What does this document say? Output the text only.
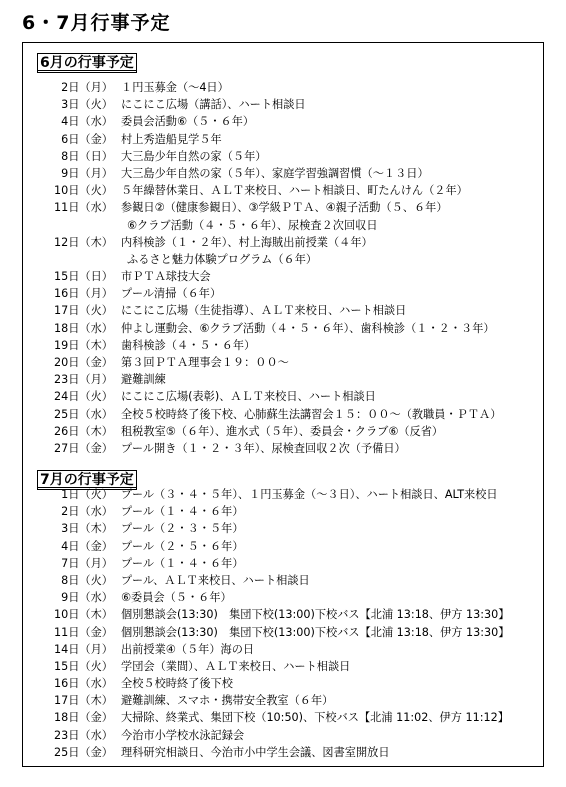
6・7月行事予定
6月の行事予定
2日（月） １円玉募金（～4日）
3日（火） にこにこ広場（講話）、ハート相談日
4日（水） 委員会活動⑥（５・６年）
6日（金） 村上秀造船見学５年
8日（日） 大三島少年自然の家（５年）
9日（月） 大三島少年自然の家（５年）、家庭学習強調習慣（～１３日）
10日（火） ５年繰替休業日、ＡＬＴ来校日、ハート相談日、町たんけん（２年）
11日（水） 参観日②（健康参観日）、③学級ＰＴＡ、④親子活動（５、６年）
⑥クラブ活動（４・５・６年）、尿検査２次回収日
12日（木） 内科検診（１・２年）、村上海賊出前授業（４年）
ふるさと魅力体験プログラム（６年）
15日（日） 市ＰＴＡ球技大会
16日（月） プール清掃（６年）
17日（火） にこにこ広場（生徒指導）、ＡＬＴ来校日、ハート相談日
18日（水） 仲よし運動会、⑥クラブ活動（４・５・６年）、歯科検診（１・２・３年）
19日（木） 歯科検診（４・５・６年）
20日（金） 第３回ＰＴＡ理事会１９：００～
23日（月） 避難訓練
24日（火） にこにこ広場(表彰)、ＡＬＴ来校日、ハート相談日
25日（水） 全校５校時終了後下校、心肺蘇生法講習会１５：００～（教職員・ＰＴＡ）
26日（木） 租税教室⑤（６年）、進水式（５年）、委員会・クラブ⑥（反省）
27日（金） プール開き（１・２・３年）、尿検査回収２次（予備日）
7月の行事予定
1日（火） プール（３・４・５年）、１円玉募金（～３日）、ハート相談日、ALT来校日
2日（水） プール（１・４・６年）
3日（木） プール（２・３・５年）
4日（金） プール（２・５・６年）
7日（月） プール（１・４・６年）
8日（火） プール、ＡＬＴ来校日、ハート相談日
9日（水） ⑥委員会（５・６年）
10日（木） 個別懇談会(13:30)　集団下校(13:00)下校バス【北浦 13:18、伊方 13:30】
11日（金） 個別懇談会(13:30)　集団下校(13:00)下校バス【北浦 13:18、伊方 13:30】
14日（月） 出前授業④（５年）海の日
15日（火） 学団会（業間）、ＡＬＴ来校日、ハート相談日
16日（水） 全校５校時終了後下校
17日（木） 避難訓練、スマホ・携帯安全教室（６年）
18日（金） 大掃除、終業式、集団下校（10:50)、下校バス【北浦 11:02、伊方 11:12】
23日（水） 今治市小学校水泳記録会
25日（金） 理科研究相談日、今治市小中学生会議、図書室開放日
